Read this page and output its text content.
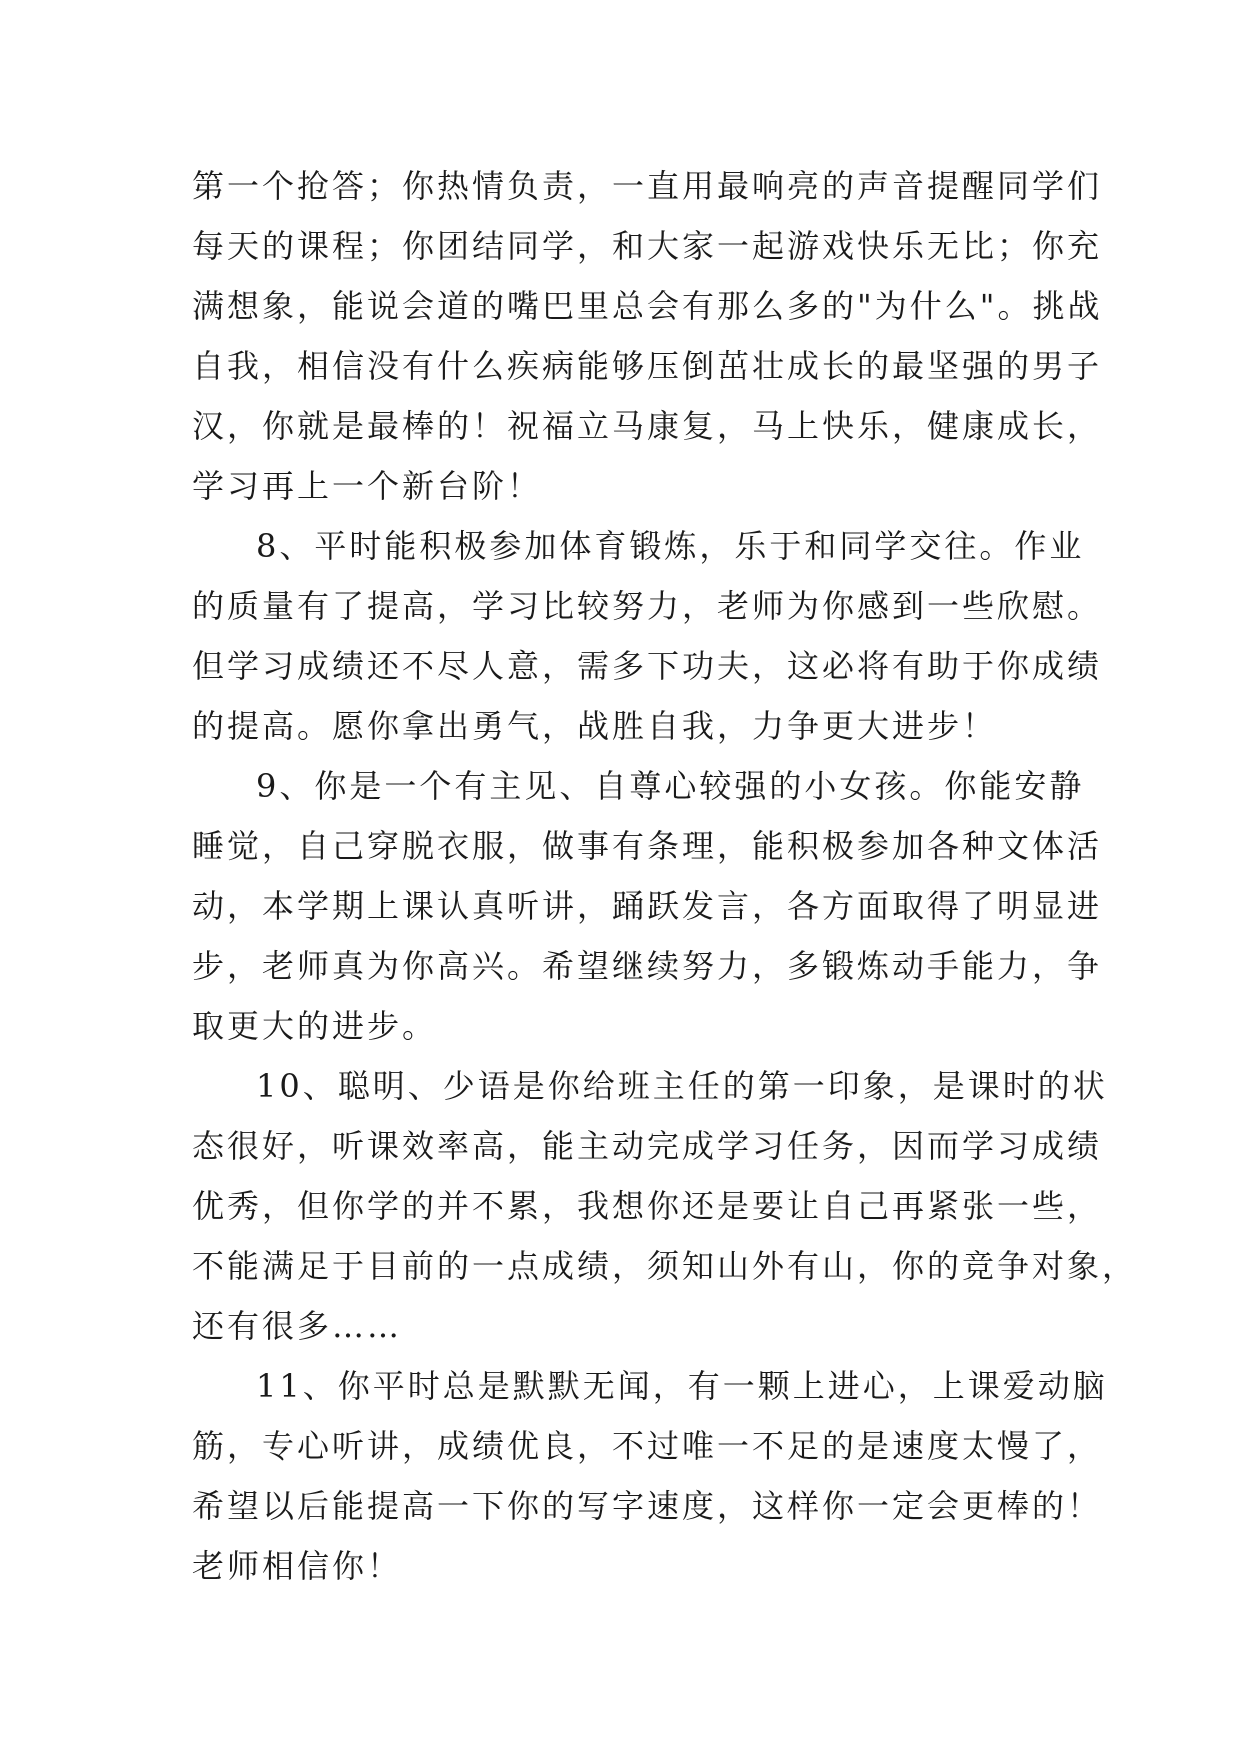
第一个抢答；你热情负责，一直用最响亮的声音提醒同学们
每天的课程；你团结同学，和大家一起游戏快乐无比；你充
满想象，能说会道的嘴巴里总会有那么多的"为什么"。挑战
自我，相信没有什么疾病能够压倒茁壮成长的最坚强的男子
汉，你就是最棒的！祝福立马康复，马上快乐，健康成长，
学习再上一个新台阶！
8、平时能积极参加体育锻炼，乐于和同学交往。作业
的质量有了提高，学习比较努力，老师为你感到一些欣慰。
但学习成绩还不尽人意，需多下功夫，这必将有助于你成绩
的提高。愿你拿出勇气，战胜自我，力争更大进步！
9、你是一个有主见、自尊心较强的小女孩。你能安静
睡觉，自己穿脱衣服，做事有条理，能积极参加各种文体活
动，本学期上课认真听讲，踊跃发言，各方面取得了明显进
步，老师真为你高兴。希望继续努力，多锻炼动手能力，争
取更大的进步。
10、聪明、少语是你给班主任的第一印象，是课时的状
态很好，听课效率高，能主动完成学习任务，因而学习成绩
优秀，但你学的并不累，我想你还是要让自己再紧张一些，
不能满足于目前的一点成绩，须知山外有山，你的竞争对象，
还有很多……
11、你平时总是默默无闻，有一颗上进心，上课爱动脑
筋，专心听讲，成绩优良，不过唯一不足的是速度太慢了，
希望以后能提高一下你的写字速度，这样你一定会更棒的！
老师相信你！
